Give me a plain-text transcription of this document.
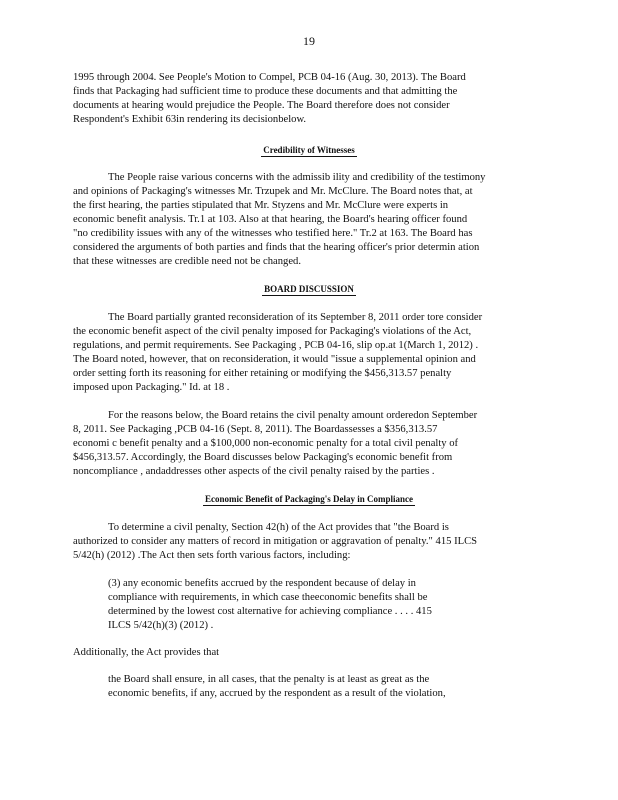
19
1995 through 2004. See People's Motion to Compel, PCB 04-16 (Aug. 30, 2013). The Board
finds that Packaging had sufficient time to produce these documents and that admitting the
documents at hearing would prejudice the People. The Board therefore does not consider
Respondent's Exhibit 63in rendering its decisionbelow.
Credibility of Witnesses
The People raise various concerns with the admissib ility and credibility of the testimony
and opinions of Packaging's witnesses Mr. Trzupek and Mr. McClure. The Board notes that, at
the first hearing, the parties stipulated that Mr. Styzens and Mr. McClure were experts in
economic benefit analysis. Tr.1 at 103. Also at that hearing, the Board's hearing officer found
"no credibility issues with any of the witnesses who testified here." Tr.2 at 163. The Board has
considered the arguments of both parties and finds that the hearing officer's prior determin ation
that these witnesses are credible need not be changed.
BOARD DISCUSSION
The Board partially granted reconsideration of its September 8, 2011 order tore consider
the economic benefit aspect of the civil penalty imposed for Packaging's violations of the Act,
regulations, and permit requirements. See Packaging , PCB 04-16, slip op.at 1(March 1, 2012) .
The Board noted, however, that on reconsideration, it would "issue a supplemental opinion and
order setting forth its reasoning for either retaining or modifying the $456,313.57 penalty
imposed upon Packaging." Id. at 18 .
For the reasons below, the Board retains the civil penalty amount orderedon September
8, 2011. See Packaging ,PCB 04-16 (Sept. 8, 2011). The Boardassesses a $356,313.57
economi c benefit penalty and a $100,000 non-economic penalty for a total civil penalty of
$456,313.57. Accordingly, the Board discusses below Packaging's economic benefit from
noncompliance , andaddresses other aspects of the civil penalty raised by the parties .
Economic Benefit of Packaging's Delay in Compliance
To determine a civil penalty, Section 42(h) of the Act provides that "the Board is
authorized to consider any matters of record in mitigation or aggravation of penalty." 415 ILCS
5/42(h) (2012) .The Act then sets forth various factors, including:
(3) any economic benefits accrued by the respondent because of delay in
compliance with requirements, in which case theeconomic benefits shall be
determined by the lowest cost alternative for achieving compliance . . . . 415
ILCS 5/42(h)(3) (2012) .
Additionally, the Act provides that
the Board shall ensure, in all cases, that the penalty is at least as great as the
economic benefits, if any, accrued by the respondent as a result of the violation,
